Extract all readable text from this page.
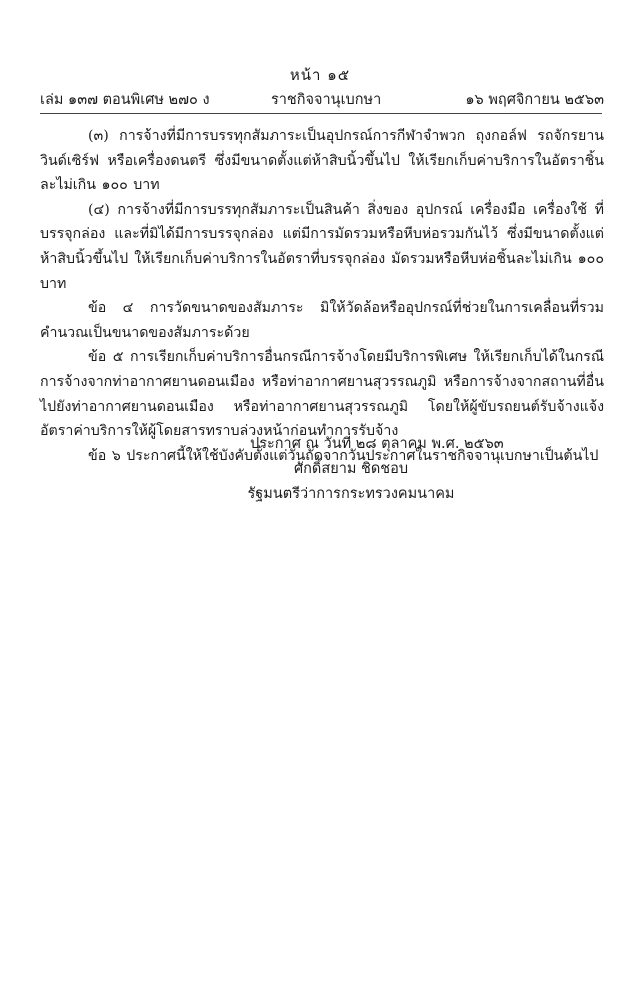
หน้า ๑๕
เล่ม ๑๓๗ ตอนพิเศษ ๒๗๐ ง	ราชกิจจานุเบกษา	๑๖ พฤศจิกายน ๒๕๖๓

(๓) การจ้างที่มีการบรรทุกสัมภาระเป็นอุปกรณ์การกีฬาจำพวก ถุงกอล์ฟ รถจักรยาน วินด์เซิร์ฟ หรือเครื่องดนตรี ซึ่งมีขนาดตั้งแต่ห้าสิบนิ้วขึ้นไป ให้เรียกเก็บค่าบริการในอัตราชิ้นละไม่เกิน ๑๐๐ บาท

(๔) การจ้างที่มีการบรรทุกสัมภาระเป็นสินค้า สิ่งของ อุปกรณ์ เครื่องมือ เครื่องใช้ ที่บรรจุกล่อง และที่มิได้มีการบรรจุกล่อง แต่มีการมัดรวมหรือหีบห่อรวมกันไว้ ซึ่งมีขนาดตั้งแต่ห้าสิบนิ้วขึ้นไป ให้เรียกเก็บค่าบริการในอัตราที่บรรจุกล่อง มัดรวมหรือหีบห่อชิ้นละไม่เกิน ๑๐๐ บาท

ข้อ ๔ การวัดขนาดของสัมภาระ มิให้วัดล้อหรืออุปกรณ์ที่ช่วยในการเคลื่อนที่รวมคำนวณเป็นขนาดของสัมภาระด้วย

ข้อ ๕ การเรียกเก็บค่าบริการอื่นกรณีการจ้างโดยมีบริการพิเศษ ให้เรียกเก็บได้ในกรณีการจ้างจากท่าอากาศยานดอนเมือง หรือท่าอากาศยานสุวรรณภูมิ หรือการจ้างจากสถานที่อื่นไปยังท่าอากาศยานดอนเมือง หรือท่าอากาศยานสุวรรณภูมิ โดยให้ผู้ขับรถยนต์รับจ้างแจ้งอัตราค่าบริการให้ผู้โดยสารทราบล่วงหน้าก่อนทำการรับจ้าง

ข้อ ๖ ประกาศนี้ให้ใช้บังคับตั้งแต่วันถัดจากวันประกาศในราชกิจจานุเบกษาเป็นต้นไป

ประกาศ ณ วันที่ ๒๘ ตุลาคม พ.ศ. ๒๕๖๓
ศักดิ์สยาม ชิดชอบ
รัฐมนตรีว่าการกระทรวงคมนาคม
